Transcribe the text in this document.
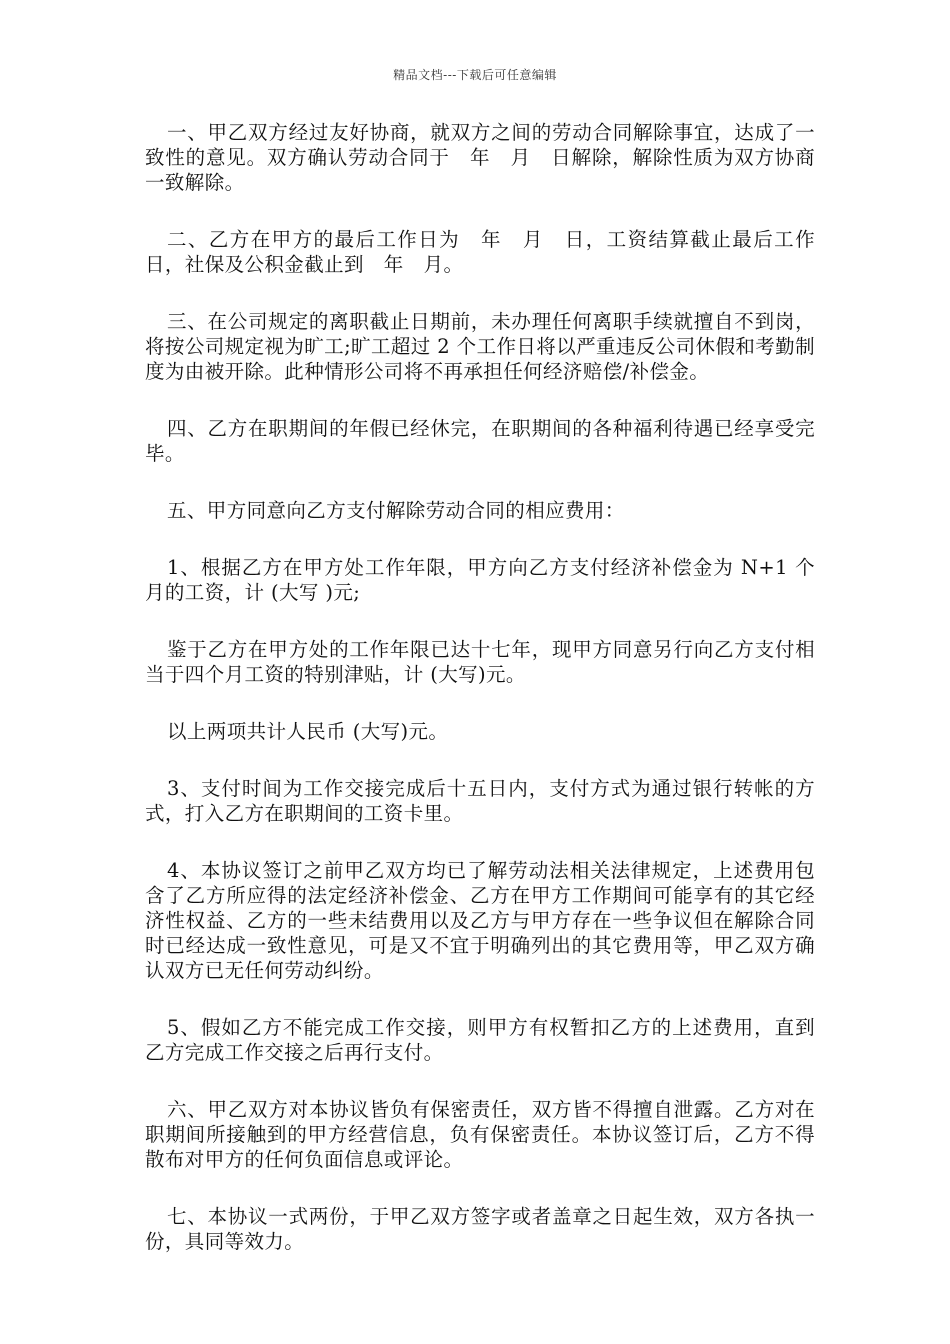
精品文档---下载后可任意编辑

一、甲乙双方经过友好协商，就双方之间的劳动合同解除事宜，达成了一致性的意见。双方确认劳动合同于　年　月　日解除，解除性质为双方协商一致解除。

二、乙方在甲方的最后工作日为　年　月　日，工资结算截止最后工作日，社保及公积金截止到　年　月。

三、在公司规定的离职截止日期前，未办理任何离职手续就擅自不到岗，将按公司规定视为旷工;旷工超过 2 个工作日将以严重违反公司休假和考勤制度为由被开除。此种情形公司将不再承担任何经济赔偿/补偿金。

四、乙方在职期间的年假已经休完，在职期间的各种福利待遇已经享受完毕。

五、甲方同意向乙方支付解除劳动合同的相应费用：

1、根据乙方在甲方处工作年限，甲方向乙方支付经济补偿金为 N+1 个月的工资，计 (大写 )元;

鉴于乙方在甲方处的工作年限已达十七年，现甲方同意另行向乙方支付相当于四个月工资的特别津贴，计 (大写)元。

以上两项共计人民币 (大写)元。

3、支付时间为工作交接完成后十五日内，支付方式为通过银行转帐的方式，打入乙方在职期间的工资卡里。

4、本协议签订之前甲乙双方均已了解劳动法相关法律规定，上述费用包含了乙方所应得的法定经济补偿金、乙方在甲方工作期间可能享有的其它经济性权益、乙方的一些未结费用以及乙方与甲方存在一些争议但在解除合同时已经达成一致性意见，可是又不宜于明确列出的其它费用等，甲乙双方确认双方已无任何劳动纠纷。

5、假如乙方不能完成工作交接，则甲方有权暂扣乙方的上述费用，直到乙方完成工作交接之后再行支付。

六、甲乙双方对本协议皆负有保密责任，双方皆不得擅自泄露。乙方对在职期间所接触到的甲方经营信息，负有保密责任。本协议签订后，乙方不得散布对甲方的任何负面信息或评论。

七、本协议一式两份，于甲乙双方签字或者盖章之日起生效，双方各执一份，具同等效力。
